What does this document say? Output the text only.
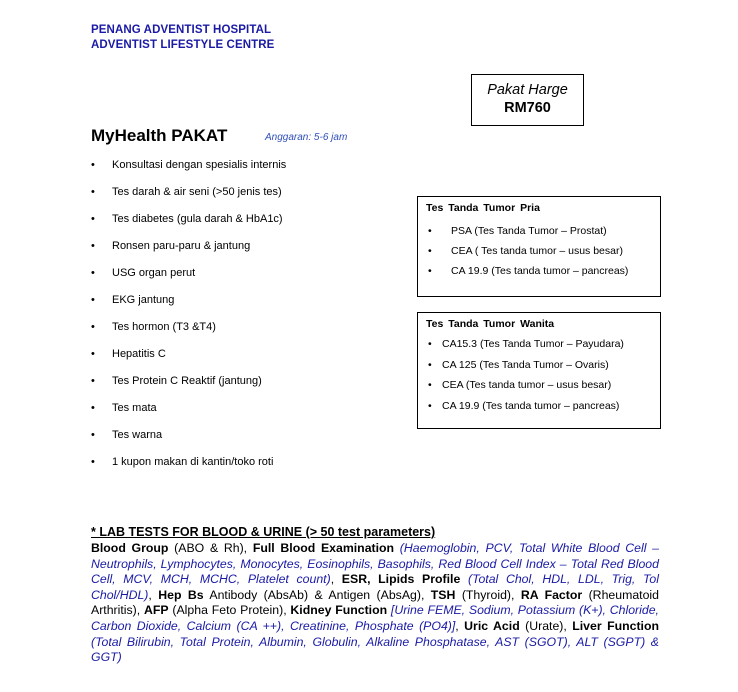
PENANG ADVENTIST HOSPITAL
ADVENTIST LIFESTYLE CENTRE
Pakat Harge
RM760
MyHealth PAKAT	Anggaran: 5-6 jam
• Konsultasi dengan spesialis internis
• Tes darah & air seni (>50 jenis tes)
• Tes diabetes (gula darah & HbA1c)
• Ronsen paru-paru & jantung
• USG organ perut
• EKG jantung
• Tes hormon (T3 &T4)
• Hepatitis C
• Tes Protein C Reaktif (jantung)
• Tes mata
• Tes warna
• 1 kupon makan di kantin/toko roti
Tes Tanda Tumor Pria
• PSA (Tes Tanda Tumor – Prostat)
• CEA ( Tes tanda tumor – usus besar)
• CA 19.9 (Tes tanda tumor – pancreas)
Tes Tanda Tumor Wanita
• CA15.3 (Tes Tanda Tumor – Payudara)
• CA 125 (Tes Tanda Tumor – Ovaris)
• CEA (Tes tanda tumor – usus besar)
• CA 19.9 (Tes tanda tumor – pancreas)
* LAB TESTS FOR BLOOD & URINE (> 50 test parameters)
Blood Group (ABO & Rh), Full Blood Examination (Haemoglobin, PCV, Total White Blood Cell – Neutrophils, Lymphocytes, Monocytes, Eosinophils, Basophils, Red Blood Cell Index – Total Red Blood Cell, MCV, MCH, MCHC, Platelet count), ESR, Lipids Profile (Total Chol, HDL, LDL, Trig, Tol Chol/HDL), Hep Bs Antibody (AbsAb) & Antigen (AbsAg), TSH (Thyroid), RA Factor (Rheumatoid Arthritis), AFP (Alpha Feto Protein), Kidney Function [Urine FEME, Sodium, Potassium (K+), Chloride, Carbon Dioxide, Calcium (CA ++), Creatinine, Phosphate (PO4)], Uric Acid (Urate), Liver Function (Total Bilirubin, Total Protein, Albumin, Globulin, Alkaline Phosphatase, AST (SGOT), ALT (SGPT) & GGT)
